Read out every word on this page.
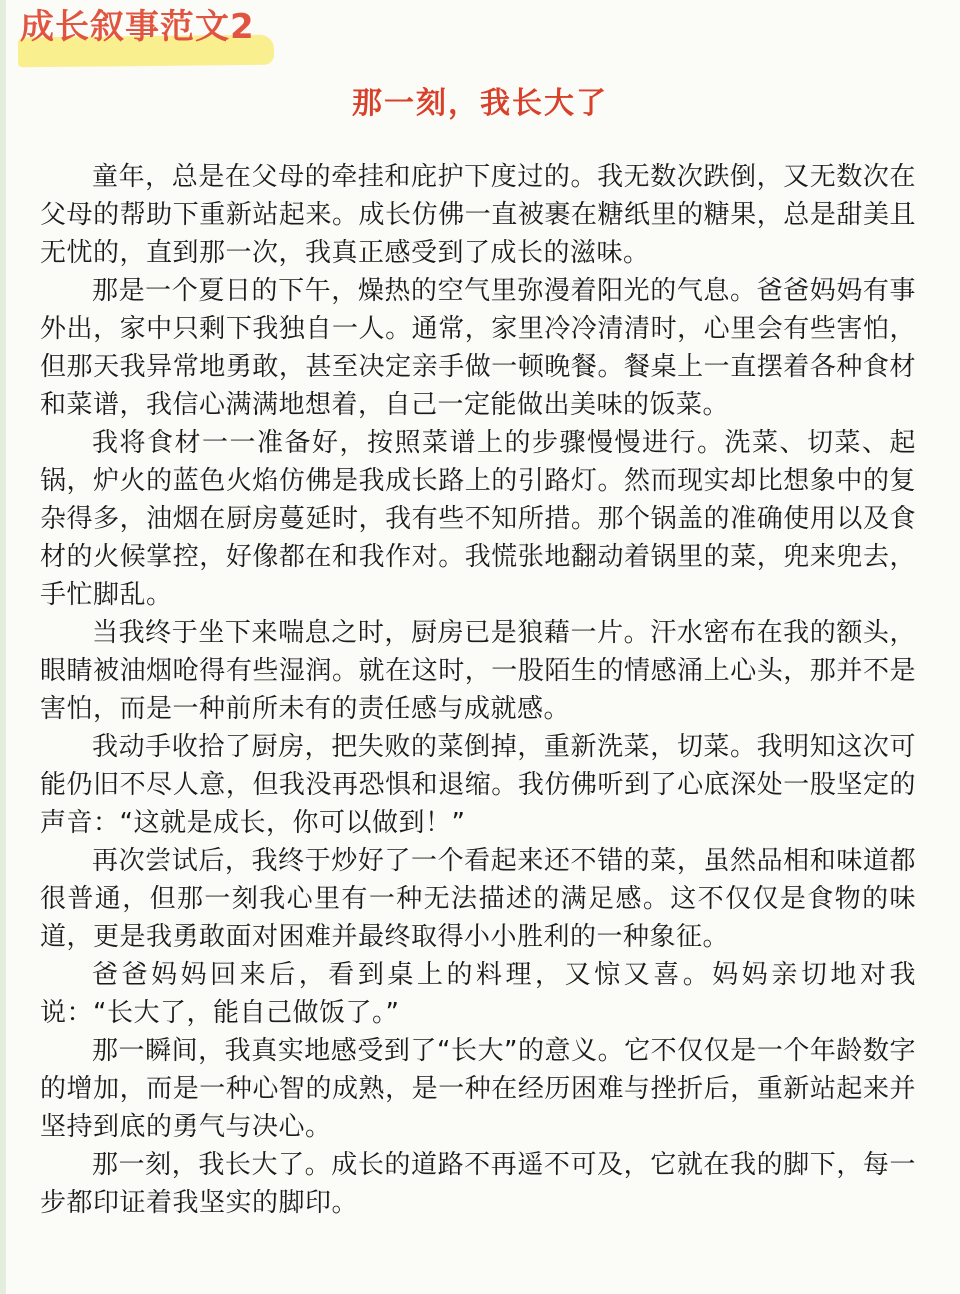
成长叙事范文2
那一刻，我长大了

童年，总是在父母的牵挂和庇护下度过的。我无数次跌倒，又无数次在父母的帮助下重新站起来。成长仿佛一直被裹在糖纸里的糖果，总是甜美且无忧的，直到那一次，我真正感受到了成长的滋味。

那是一个夏日的下午，燥热的空气里弥漫着阳光的气息。爸爸妈妈有事外出，家中只剩下我独自一人。通常，家里冷冷清清时，心里会有些害怕，但那天我异常地勇敢，甚至决定亲手做一顿晚餐。餐桌上一直摆着各种食材和菜谱，我信心满满地想着，自己一定能做出美味的饭菜。

我将食材一一准备好，按照菜谱上的步骤慢慢进行。洗菜、切菜、起锅，炉火的蓝色火焰仿佛是我成长路上的引路灯。然而现实却比想象中的复杂得多，油烟在厨房蔓延时，我有些不知所措。那个锅盖的准确使用以及食材的火候掌控，好像都在和我作对。我慌张地翻动着锅里的菜，兜来兜去，手忙脚乱。

当我终于坐下来喘息之时，厨房已是狼藉一片。汗水密布在我的额头，眼睛被油烟呛得有些湿润。就在这时，一股陌生的情感涌上心头，那并不是害怕，而是一种前所未有的责任感与成就感。

我动手收拾了厨房，把失败的菜倒掉，重新洗菜，切菜。我明知这次可能仍旧不尽人意，但我没再恐惧和退缩。我仿佛听到了心底深处一股坚定的声音：“这就是成长，你可以做到！”

再次尝试后，我终于炒好了一个看起来还不错的菜，虽然品相和味道都很普通，但那一刻我心里有一种无法描述的满足感。这不仅仅是食物的味道，更是我勇敢面对困难并最终取得小小胜利的一种象征。

爸爸妈妈回来后，看到桌上的料理，又惊又喜。妈妈亲切地对我说：“长大了，能自己做饭了。”

那一瞬间，我真实地感受到了“长大”的意义。它不仅仅是一个年龄数字的增加，而是一种心智的成熟，是一种在经历困难与挫折后，重新站起来并坚持到底的勇气与决心。

那一刻，我长大了。成长的道路不再遥不可及，它就在我的脚下，每一步都印证着我坚实的脚印。
